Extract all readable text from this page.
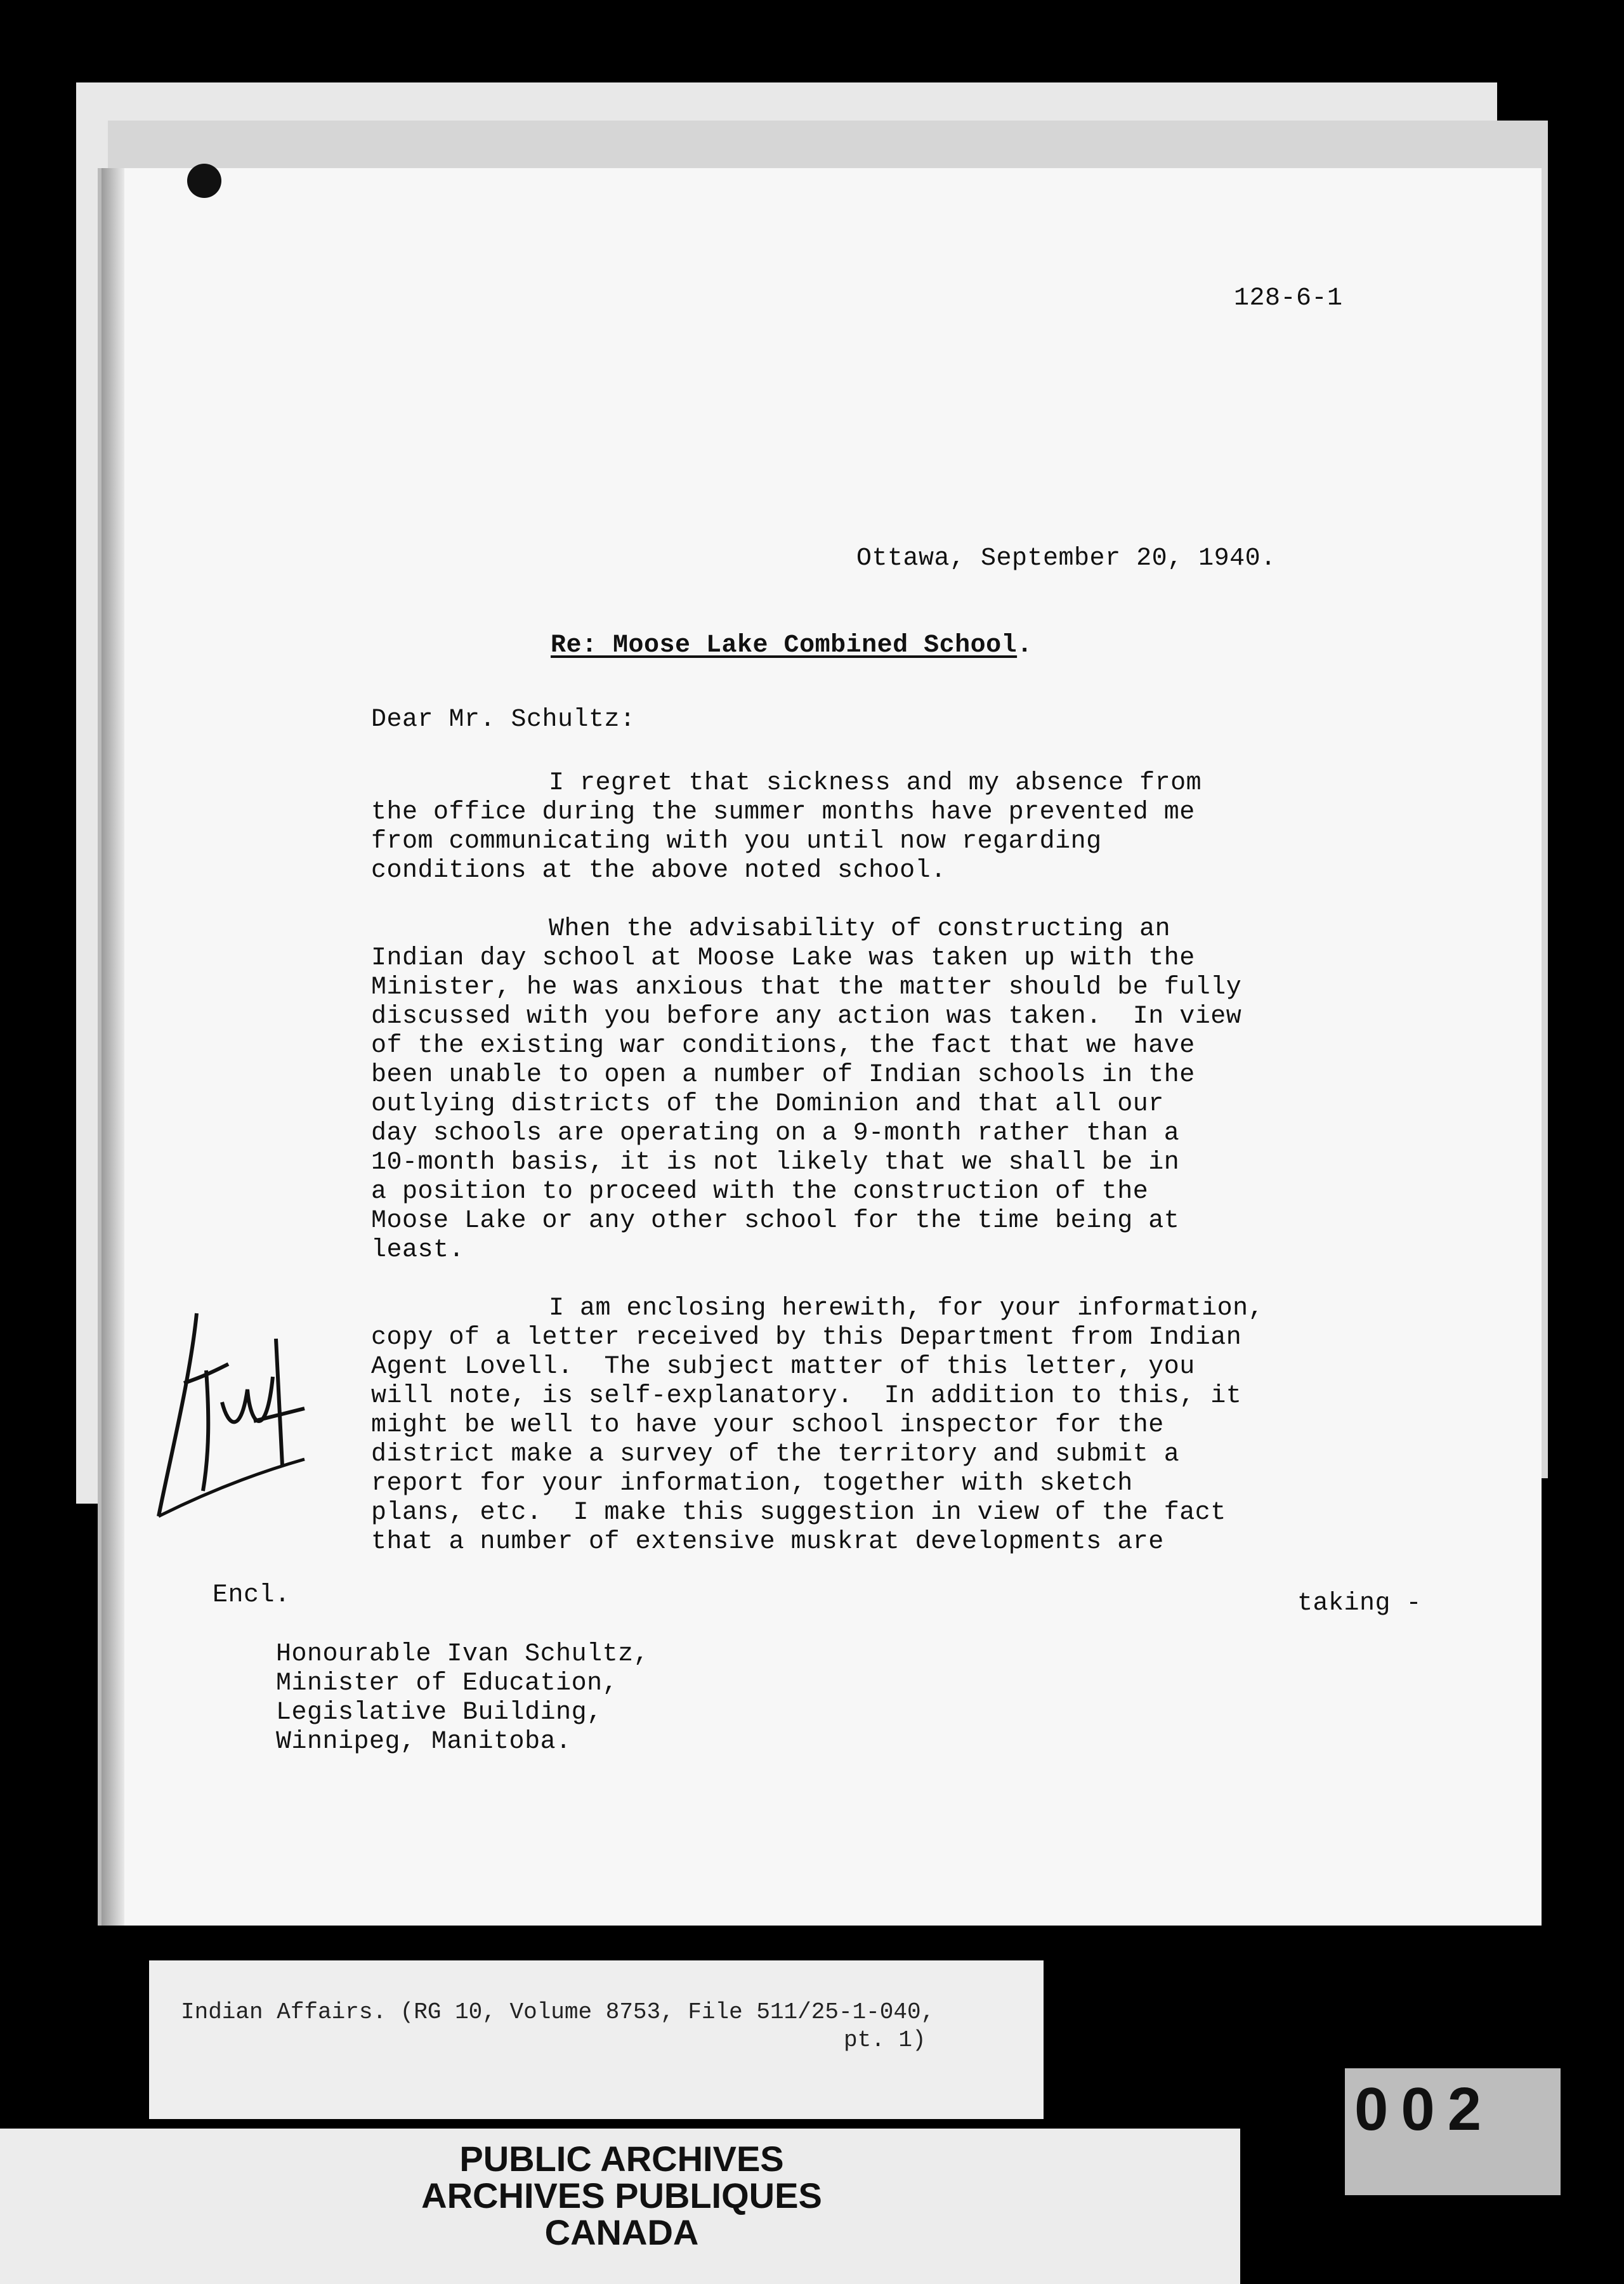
128-6-1
Ottawa, September 20, 1940.
Re: Moose Lake Combined School.
Dear Mr. Schultz:
I regret that sickness and my absence from
the office during the summer months have prevented me
from communicating with you until now regarding
conditions at the above noted school.
When the advisability of constructing an
Indian day school at Moose Lake was taken up with the
Minister, he was anxious that the matter should be fully
discussed with you before any action was taken.  In view
of the existing war conditions, the fact that we have
been unable to open a number of Indian schools in the
outlying districts of the Dominion and that all our
day schools are operating on a 9-month rather than a
10-month basis, it is not likely that we shall be in
a position to proceed with the construction of the
Moose Lake or any other school for the time being at
least.
I am enclosing herewith, for your information,
copy of a letter received by this Department from Indian
Agent Lovell.  The subject matter of this letter, you
will note, is self-explanatory.  In addition to this, it
might be well to have your school inspector for the
district make a survey of the territory and submit a
report for your information, together with sketch
plans, etc.  I make this suggestion in view of the fact
that a number of extensive muskrat developments are
Encl.	taking -
Honourable Ivan Schultz,
Minister of Education,
Legislative Building,
Winnipeg, Manitoba.
Indian Affairs. (RG 10, Volume 8753, File 511/25-1-040,
pt. 1)
PUBLIC ARCHIVES
ARCHIVES PUBLIQUES
CANADA
002
